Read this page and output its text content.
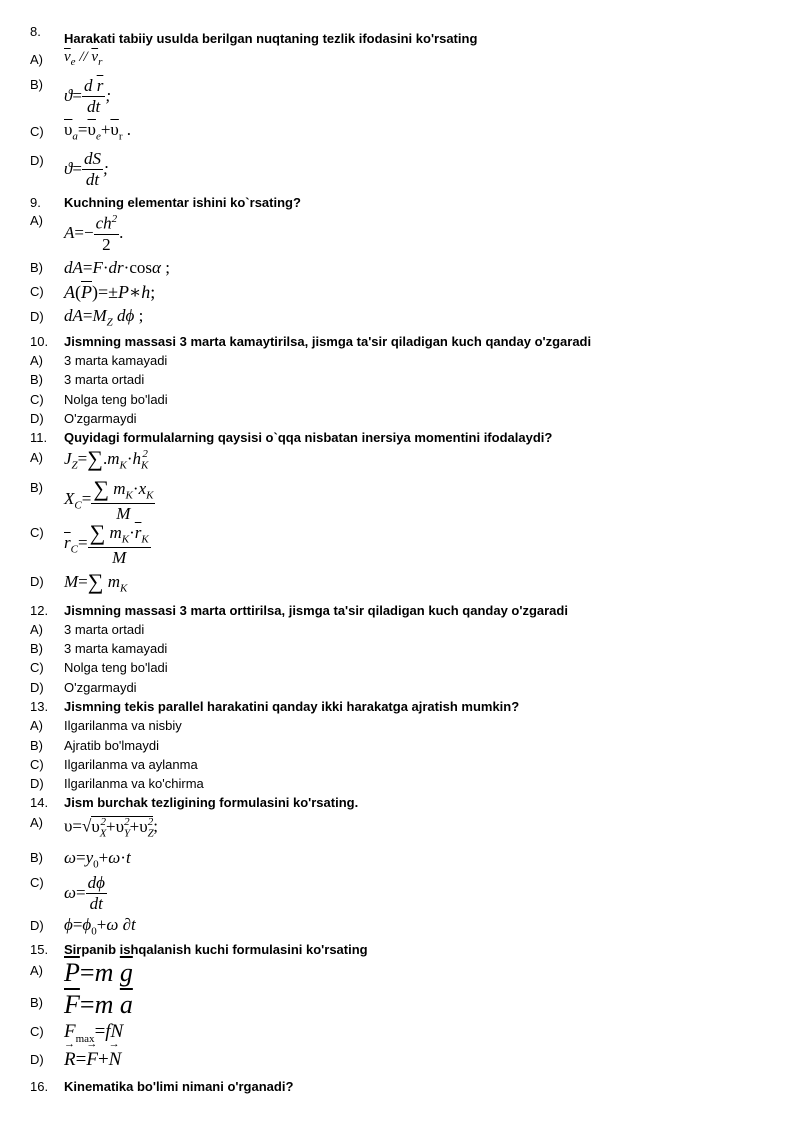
8. Harakati tabiiy usulda berilgan nuqtaning tezlik ifodasini ko'rsating
A) $\overline{v}_e // \overline{v}_r$
B)
$ϑ= \frac{d \overline{r}}{dt}$ ;
C) $\overline{\upsilon}_a=\overline{\upsilon}_e+\overline{\upsilon}_r$ .
D) $ϑ= \frac{dS}{dt}$ ;
9. Kuchning elementar ishini ko`rsating?
A)
$A=- \frac{ch^2}{2}$ .
B) dA=F·dr·cosα ;
C) $A(\overline{P})=\pm P∗h$;
D) $dA=M_Z$ dϕ ;
10. Jismning massasi 3 marta kamaytirilsa, jismga ta'sir qiladigan kuch qanday o'zgaradi
A) 3 marta kamayadi
B) 3 marta ortadi
C) Nolga teng bo'ladi
D) O'zgarmaydi
11. Quyidagi formulalarning qaysisi o`qqa nisbatan inersiya momentini ifodalaydi?
A) $J_Z=\sum.m_K\cdot h_K^2$
B)
$X_C= \frac{\sum m_K\cdot x_K}{M}$
C)
$\overline{r}_C= \frac{\sum m_K\cdot\overline{r}_K}{M}$
D) M=∑ $m_K$
12. Jismning massasi 3 marta orttirilsa, jismga ta'sir qiladigan kuch qanday o'zgaradi
A) 3 marta ortadi
B) 3 marta kamayadi
C) Nolga teng bo'ladi
D) O'zgarmaydi
13. Jismning tekis parallel harakatini qanday ikki harakatga ajratish mumkin?
A) Ilgarilanma va nisbiy
B) Ajratib bo'lmaydi
C) Ilgarilanma va aylanma
D) Ilgarilanma va ko'chirma
14. Jism burchak tezligining formulasini ko'rsating.
A) $\upsilon=√\upsilon_X^2+\upsilon_Y^2+\upsilon_Z^2$;
B) $\omega=y_0+\omega\cdot t$
C)
$\omega= \frac{d\phi}{dt}$
D) $\phi=\phi_0+\omega$ ∂t
15. Sirpanib ishqalanish kuchi formulasini ko'rsating
A) $\overline{P}=m$ $\overline{g}$
B) $\overline{F}=m$ $\overline{a}$
C) $F_{max}=fN$
D) → R=→ F+→ N
16. Kinematika bo'limi nimani o'rganadi?
